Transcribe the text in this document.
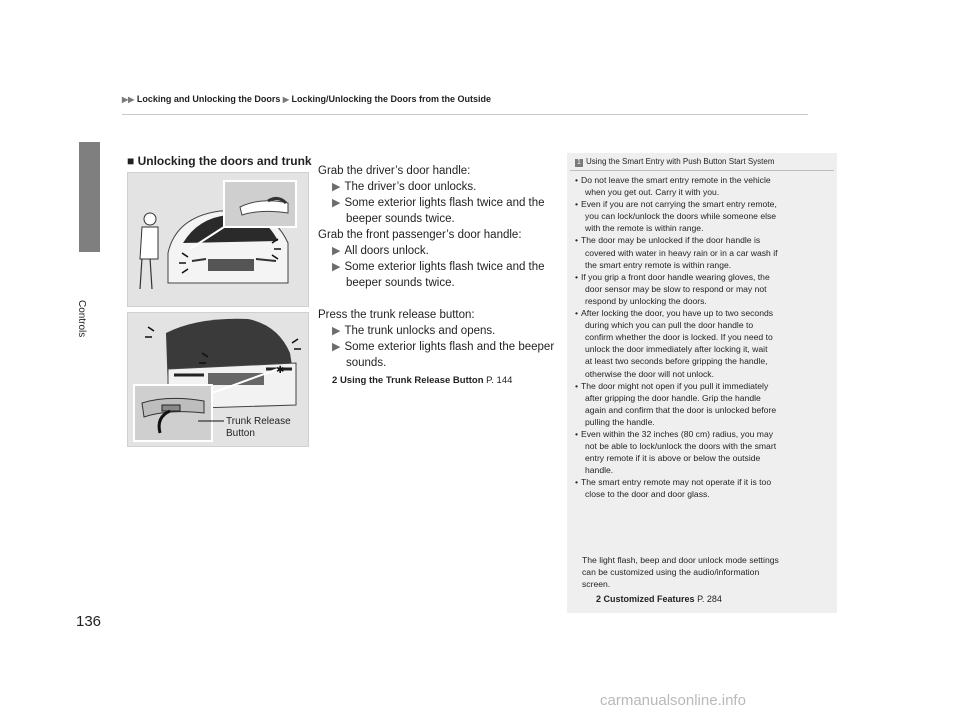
▶▶ Locking and Unlocking the Doors ▶ Locking/Unlocking the Doors from the Outside
Controls
136
■ Unlocking the doors and trunk
Grab the driver’s door handle:
▶ The driver’s door unlocks.
▶ Some exterior lights flash twice and the
beeper sounds twice.
Grab the front passenger’s door handle:
▶ All doors unlock.
▶ Some exterior lights flash twice and the
beeper sounds twice.
✱
Trunk Release
Button
Press the trunk release button:
▶ The trunk unlocks and opens.
▶ Some exterior lights flash and the beeper
sounds.
2 Using the Trunk Release Button P. 144
1 Using the Smart Entry with Push Button Start System
• Do not leave the smart entry remote in the vehicle
when you get out. Carry it with you.
• Even if you are not carrying the smart entry remote,
you can lock/unlock the doors while someone else
with the remote is within range.
• The door may be unlocked if the door handle is
covered with water in heavy rain or in a car wash if
the smart entry remote is within range.
• If you grip a front door handle wearing gloves, the
door sensor may be slow to respond or may not
respond by unlocking the doors.
• After locking the door, you have up to two seconds
during which you can pull the door handle to
confirm whether the door is locked. If you need to
unlock the door immediately after locking it, wait
at least two seconds before gripping the handle,
otherwise the door will not unlock.
• The door might not open if you pull it immediately
after gripping the door handle. Grip the handle
again and confirm that the door is unlocked before
pulling the handle.
• Even within the 32 inches (80 cm) radius, you may
not be able to lock/unlock the doors with the smart
entry remote if it is above or below the outside
handle.
• The smart entry remote may not operate if it is too
close to the door and door glass.
The light flash, beep and door unlock mode settings
can be customized using the audio/information
screen.
2 Customized Features P. 284
carmanualsonline.info
